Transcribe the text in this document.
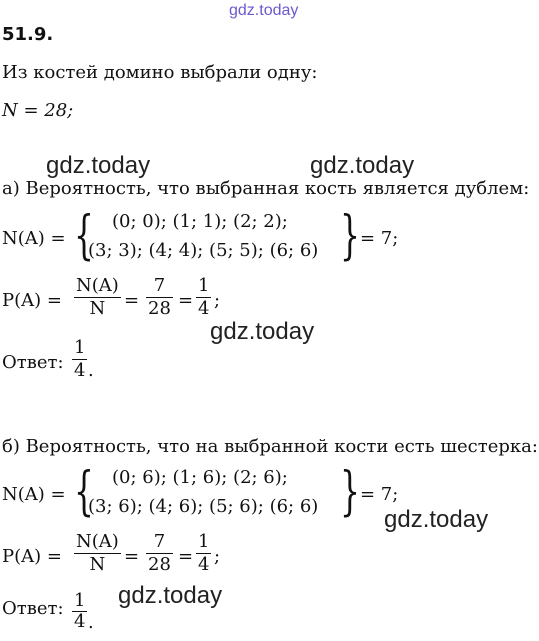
gdz.today
gdz.today	gdz.today
gdz.today
gdz.today
gdz.today
51.9.
Из костей домино выбрали одну:
N = 28;
а) Вероятность, что выбранная кость является дублем:
N(A) = { (0; 0); (1; 1); (2; 2);
(3; 3); (4; 4); (5; 5); (6; 6) } = 7;
P(A) =
N(A)
N =
7
28 =
1
4 ;
Ответ:
1
4 .
б) Вероятность, что на выбранной кости есть шестерка:
N(A) = { (0; 6); (1; 6); (2; 6);
(3; 6); (4; 6); (5; 6); (6; 6) } = 7;
P(A) =
N(A)
N =
7
28 =
1
4 ;
Ответ: 1
4 .
